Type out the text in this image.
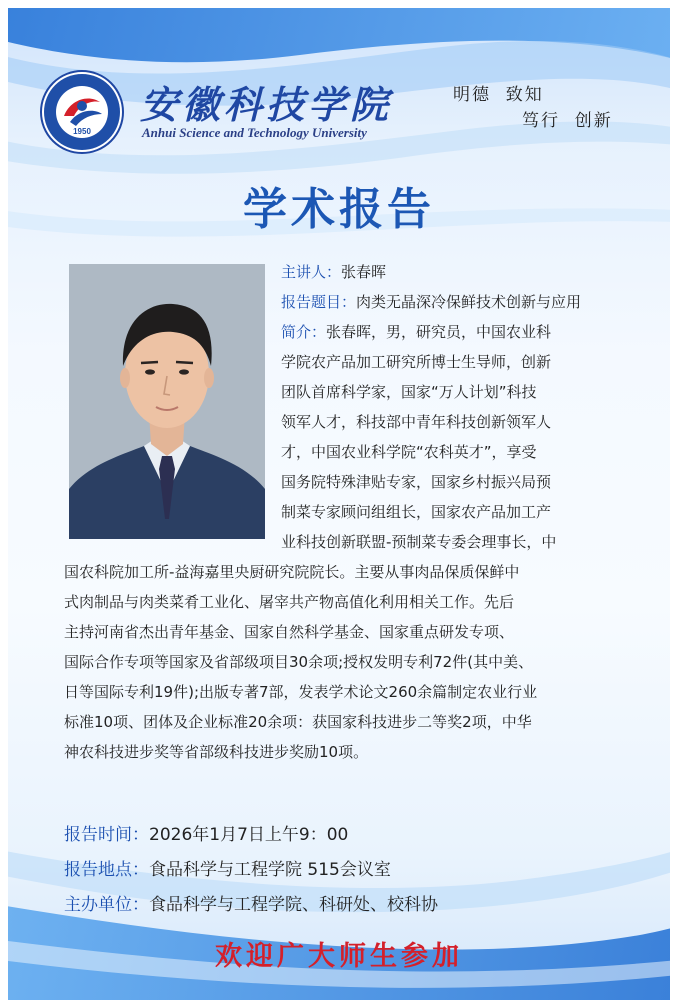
1950
安徽科技学院
Anhui Science and Technology University
明德  致知
笃行  创新
学术报告
主讲人：张春晖
报告题目：肉类无晶深冷保鲜技术创新与应用
简介：张春晖，男，研究员，中国农业科
学院农产品加工研究所博士生导师，创新
团队首席科学家，国家“万人计划”科技
领军人才，科技部中青年科技创新领军人
才，中国农业科学院“农科英才”，享受
国务院特殊津贴专家，国家乡村振兴局预
制菜专家顾问组组长，国家农产品加工产
业科技创新联盟-预制菜专委会理事长，中
国农科院加工所-益海嘉里央厨研究院院长。主要从事肉品保质保鲜中
式肉制品与肉类菜肴工业化、屠宰共产物高值化利用相关工作。先后
主持河南省杰出青年基金、国家自然科学基金、国家重点研发专项、
国际合作专项等国家及省部级项目30余项;授权发明专利72件(其中美、
日等国际专利19件);出版专著7部，发表学术论文260余篇制定农业行业
标准10项、团体及企业标准20余项：获国家科技进步二等奖2项，中华
神农科技进步奖等省部级科技进步奖励10项。
报告时间：2026年1月7日上午9：00
报告地点：食品科学与工程学院 515会议室
主办单位：食品科学与工程学院、科研处、校科协
欢迎广大师生参加
